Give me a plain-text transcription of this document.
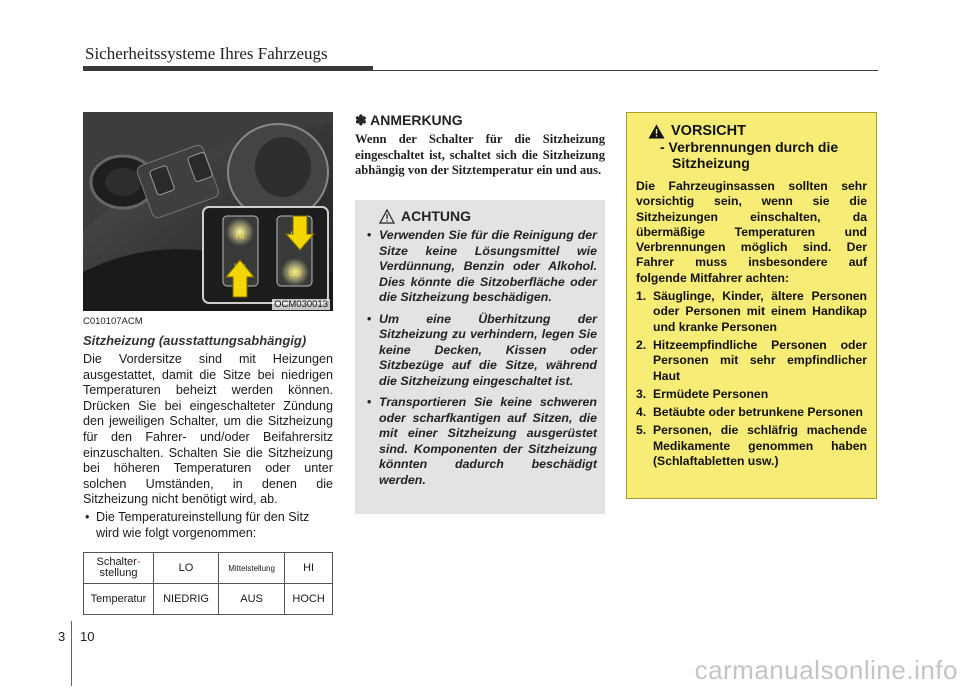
Sicherheitssysteme Ihres Fahrzeugs
HI
LO
OCM030013
C010107ACM
Sitzheizung (ausstattungsabhängig)
Die Vordersitze sind mit Heizungen ausgestattet, damit die Sitze bei niedrigen Temperaturen beheizt werden können. Drücken Sie bei eingeschalteter Zündung den jeweiligen Schalter, um die Sitzheizung für den Fahrer- und/oder Beifahrersitz einzuschalten. Schalten Sie die Sitzheizung bei höheren Temperaturen oder unter solchen Umständen, in denen die Sitzheizung nicht benötigt wird, ab.
• Die Temperatureinstellung für den Sitz wird wie folgt vorgenommen:
Schalter-
stellung	LO	Mittelstellung	HI
Temperatur	NIEDRIG	AUS	HOCH
✽ ANMERKUNG
Wenn der Schalter für die Sitzheizung eingeschaltet ist, schaltet sich die Sitzheizung abhängig von der Sitztemperatur ein und aus.
ACHTUNG
• Verwenden Sie für die Reinigung der Sitze keine Lösungsmittel wie Verdünnung, Benzin oder Alkohol. Dies könnte die Sitzoberfläche oder die Sitzheizung beschädigen.
• Um eine Überhitzung der Sitzheizung zu verhindern, legen Sie keine Decken, Kissen oder Sitzbezüge auf die Sitze, während die Sitzheizung eingeschaltet ist.
• Transportieren Sie keine schweren oder scharfkantigen auf Sitzen, die mit einer Sitzheizung ausgerüstet sind. Komponenten der Sitzheizung könnten dadurch beschädigt werden.
VORSICHT
- Verbrennungen durch die
Sitzheizung
Die Fahrzeuginsassen sollten sehr vorsichtig sein, wenn sie die Sitzheizungen einschalten, da übermäßige Temperaturen und Verbrennungen möglich sind. Der Fahrer muss insbesondere auf folgende Mitfahrer achten:
1. Säuglinge, Kinder, ältere Personen oder Personen mit einem Handikap und kranke Personen
2. Hitzeempfindliche Personen oder Personen mit sehr empfindlicher Haut
3. Ermüdete Personen
4. Betäubte oder betrunkene Personen
5. Personen, die schläfrig machende Medikamente genommen haben (Schlaftabletten usw.)
3 10
carmanualsonline.info
